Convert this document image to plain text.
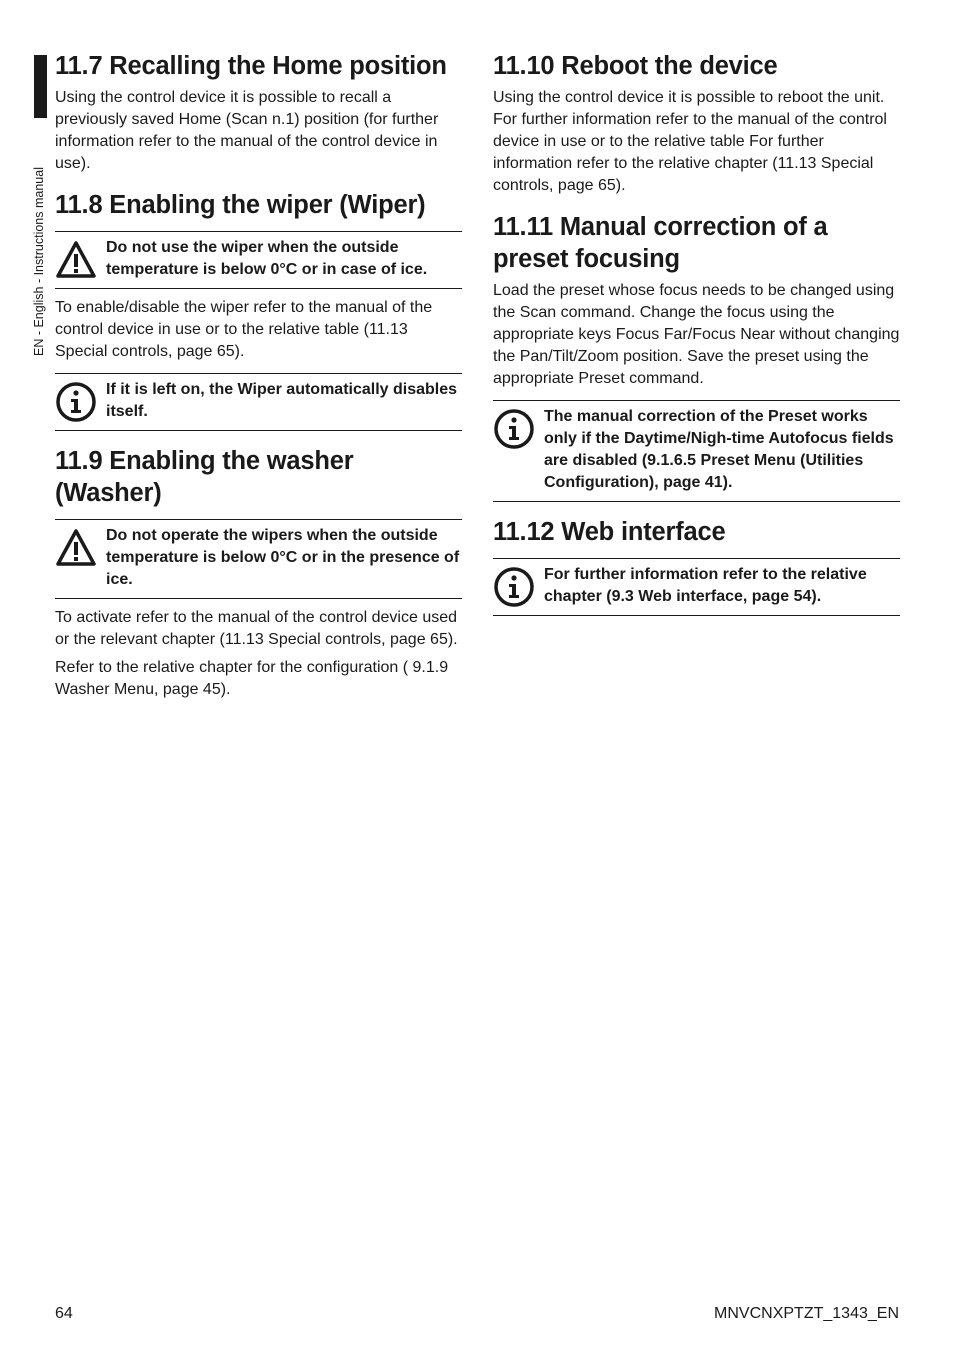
EN - English - Instructions manual
11.7 Recalling the Home position

Using the control device it is possible to recall a previously saved Home (Scan n.1) position (for further information refer to the manual of the control device in use).

11.8 Enabling the wiper (Wiper)
Do not use the wiper when the outside temperature is below 0°C or in case of ice.

To enable/disable the wiper refer to the manual of the control device in use or to the relative table (11.13 Special controls, page 65).

If it is left on, the Wiper automatically disables itself.
11.9 Enabling the washer (Washer)
Do not operate the wipers when the outside temperature is below 0°C or in the presence of ice.

To activate refer to the manual of the control device used or the relevant chapter (11.13 Special controls, page 65).

Refer to the relative chapter for the configuration ( 9.1.9 Washer Menu, page 45).

11.10 Reboot the device

Using the control device it is possible to reboot the unit. For further information refer to the manual of the control device in use or to the relative table For further information refer to the relative chapter (11.13 Special controls, page 65).

11.11 Manual correction of a preset focusing

Load the preset whose focus needs to be changed using the Scan command. Change the focus using the appropriate keys Focus Far/Focus Near without changing the Pan/Tilt/Zoom position. Save the preset using the appropriate Preset command.

The manual correction of the Preset works only if the Daytime/Nigh-time Autofocus fields are disabled (9.1.6.5 Preset Menu (Utilities Configuration), page 41).
11.12 Web interface
For further information refer to the relative chapter (9.3 Web interface, page 54).
64	MNVCNXPTZT_1343_EN
